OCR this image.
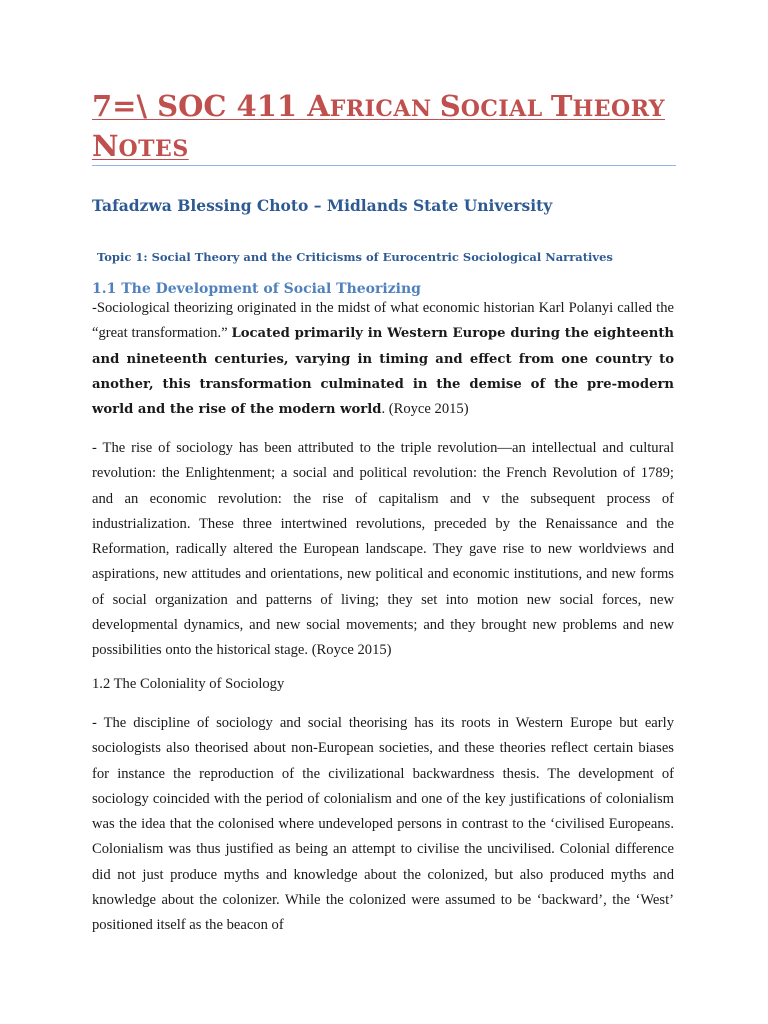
7=\ SOC 411 AFRICAN SOCIAL THEORY
NOTES
Tafadzwa Blessing Choto – Midlands State University
Topic 1: Social Theory and the Criticisms of Eurocentric Sociological Narratives
1.1 The Development of Social Theorizing

-Sociological theorizing originated in the midst of what economic historian Karl Polanyi called the “great transformation.” Located primarily in Western Europe during the eighteenth and nineteenth centuries, varying in timing and effect from one country to another, this transformation culminated in the demise of the pre-modern world and the rise of the modern world. (Royce 2015)

- The rise of sociology has been attributed to the triple revolution—an intellectual and cultural revolution: the Enlightenment; a social and political revolution: the French Revolution of 1789; and an economic revolution: the rise of capitalism and v the subsequent process of industrialization. These three intertwined revolutions, preceded by the Renaissance and the Reformation, radically altered the European landscape. They gave rise to new worldviews and aspirations, new attitudes and orientations, new political and economic institutions, and new forms of social organization and patterns of living; they set into motion new social forces, new developmental dynamics, and new social movements; and they brought new problems and new possibilities onto the historical stage. (Royce 2015)

1.2 The Coloniality of Sociology

- The discipline of sociology and social theorising has its roots in Western Europe but early sociologists also theorised about non-European societies, and these theories reflect certain biases for instance the reproduction of the civilizational backwardness thesis. The development of sociology coincided with the period of colonialism and one of the key justifications of colonialism was the idea that the colonised where undeveloped persons in contrast to the ‘civilised Europeans. Colonialism was thus justified as being an attempt to civilise the uncivilised. Colonial difference did not just produce myths and knowledge about the colonized, but also produced myths and knowledge about the colonizer. While the colonized were assumed to be ‘backward’, the ‘West’ positioned itself as the beacon of
